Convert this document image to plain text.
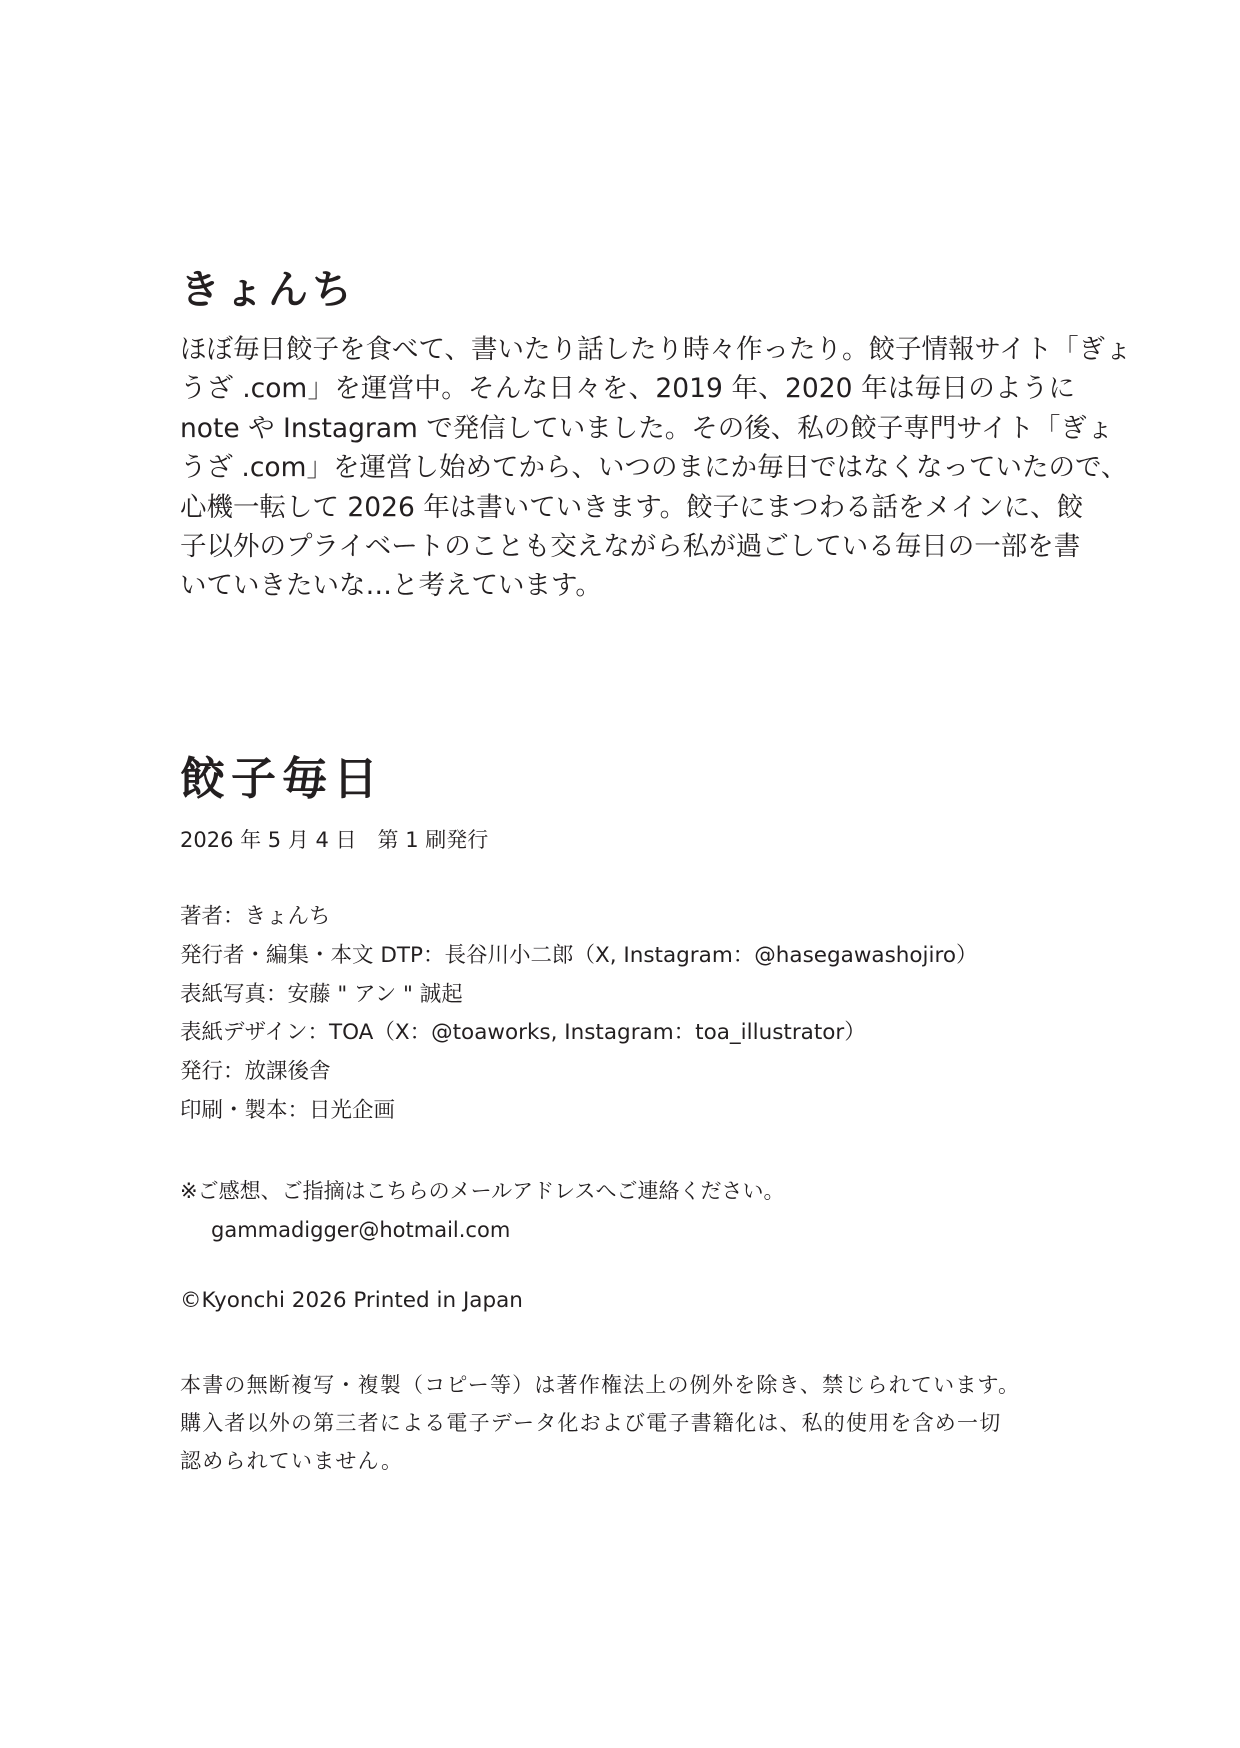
きょんち
ほぼ毎日餃子を食べて、書いたり話したり時々作ったり。餃子情報サイト「ぎょ
うざ .com」を運営中。そんな日々を、2019 年、2020 年は毎日のように
note や Instagram で発信していました。その後、私の餃子専門サイト「ぎょ
うざ .com」を運営し始めてから、いつのまにか毎日ではなくなっていたので、
心機一転して 2026 年は書いていきます。餃子にまつわる話をメインに、餃
子以外のプライベートのことも交えながら私が過ごしている毎日の一部を書
いていきたいな…と考えています。
餃子毎日
2026 年 5 月 4 日　第 1 刷発行
著者：きょんち
発行者・編集・本文 DTP：長谷川小二郎（X, Instagram：@hasegawashojiro）
表紙写真：安藤 " アン " 誠起
表紙デザイン：TOA（X：@toaworks, Instagram：toa_illustrator）
発行：放課後舎
印刷・製本：日光企画
※ご感想、ご指摘はこちらのメールアドレスへご連絡ください。
gammadigger@hotmail.com
©Kyonchi 2026 Printed in Japan
本書の無断複写・複製（コピー等）は著作権法上の例外を除き、禁じられています。
購入者以外の第三者による電子データ化および電子書籍化は、私的使用を含め一切
認められていません。
